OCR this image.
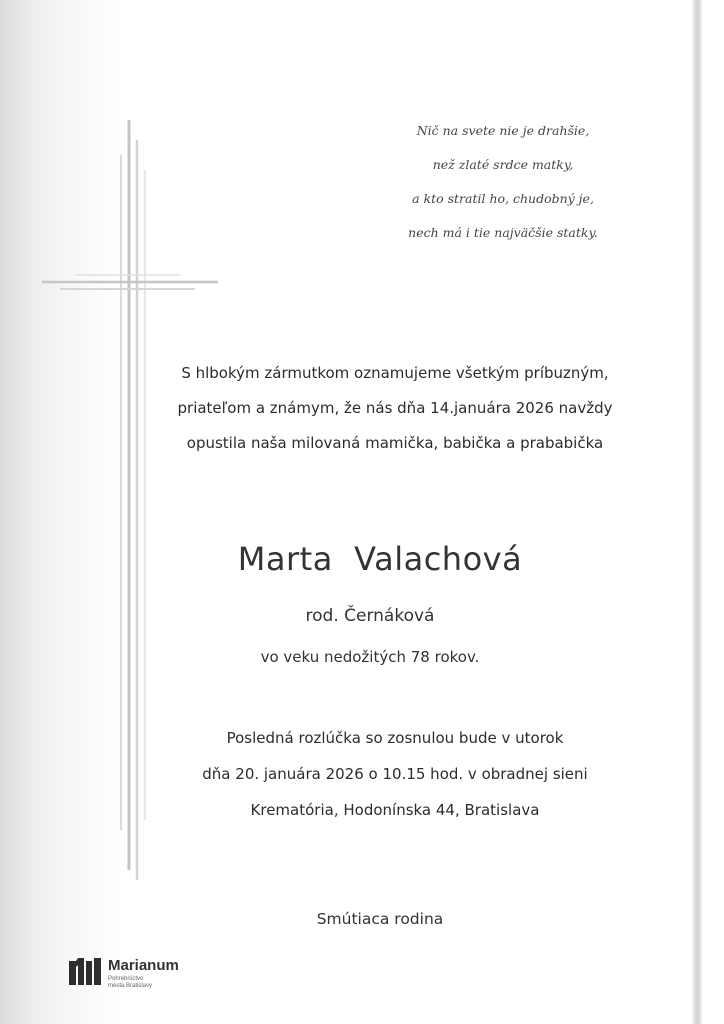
Nič na svete nie je drahšie,
než zlaté srdce matky,
a kto stratil ho, chudobný je,
nech má i tie najväčšie statky.
S hlbokým zármutkom oznamujeme všetkým príbuzným,
priateľom a známym, že nás dňa 14.januára 2026 navždy
opustila naša milovaná mamička, babička a prababička
Marta  Valachová
rod. Černáková
vo veku nedožitých 78 rokov.
Posledná rozlúčka so zosnulou bude v utorok
dňa 20. januára 2026 o 10.15 hod. v obradnej sieni
Krematória, Hodonínska 44, Bratislava
Smútiaca rodina
Marianum
Pohrebníctvo
mesta Bratislavy
